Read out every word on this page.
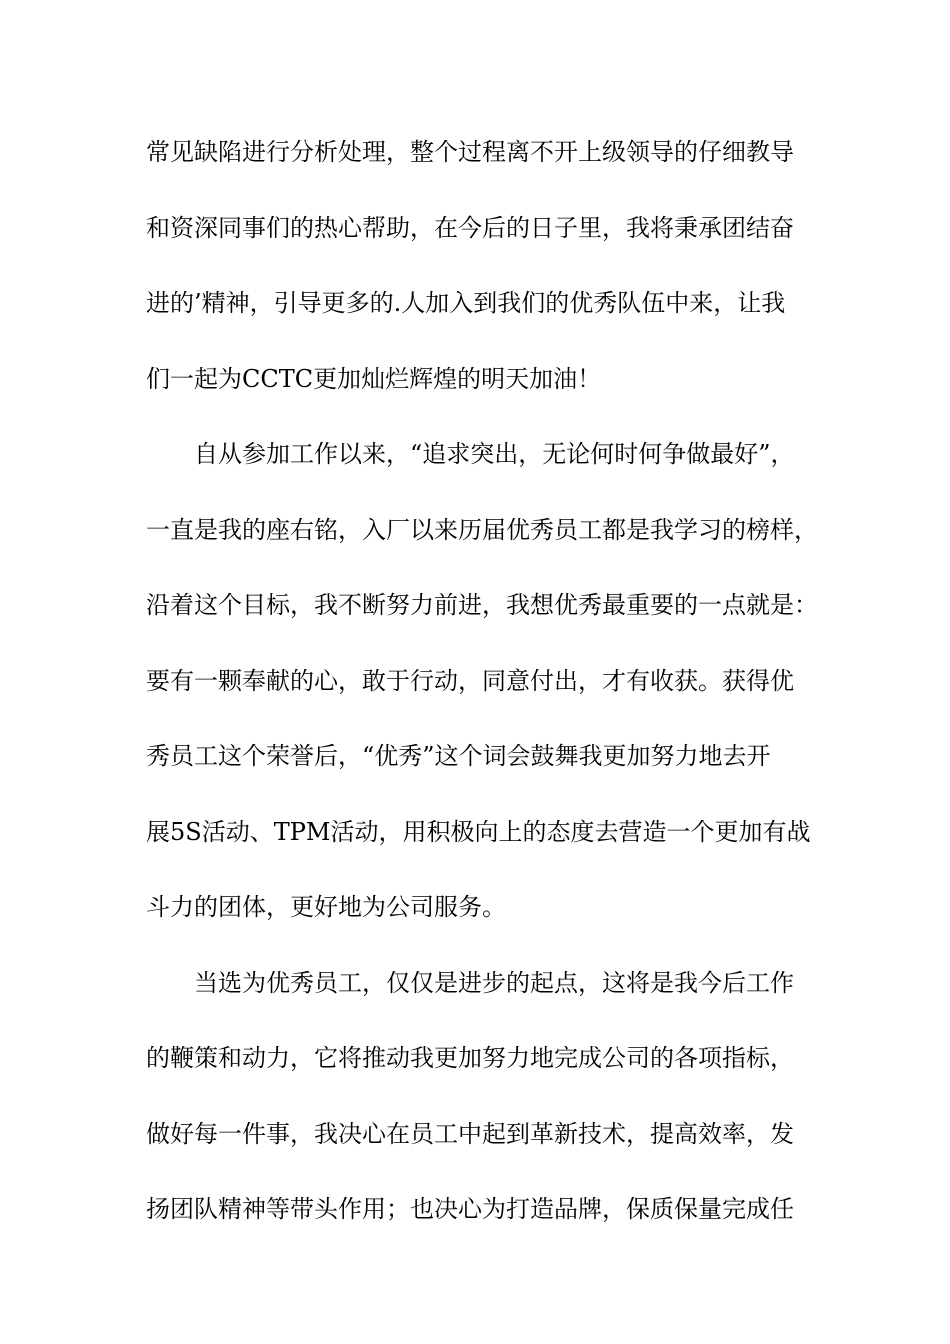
常见缺陷进行分析处理，整个过程离不开上级领导的仔细教导
和资深同事们的热心帮助，在今后的日子里，我将秉承团结奋
进的’精神，引导更多的.人加入到我们的优秀队伍中来，让我
们一起为CCTC更加灿烂辉煌的明天加油！
自从参加工作以来，“追求突出，无论何时何争做最好”，
一直是我的座右铭，入厂以来历届优秀员工都是我学习的榜样，
沿着这个目标，我不断努力前进，我想优秀最重要的一点就是：
要有一颗奉献的心，敢于行动，同意付出，才有收获。获得优
秀员工这个荣誉后，“优秀”这个词会鼓舞我更加努力地去开
展5S活动、TPM活动，用积极向上的态度去营造一个更加有战
斗力的团体，更好地为公司服务。
当选为优秀员工，仅仅是进步的起点，这将是我今后工作
的鞭策和动力，它将推动我更加努力地完成公司的各项指标，
做好每一件事，我决心在员工中起到革新技术，提高效率，发
扬团队精神等带头作用；也决心为打造品牌，保质保量完成任
